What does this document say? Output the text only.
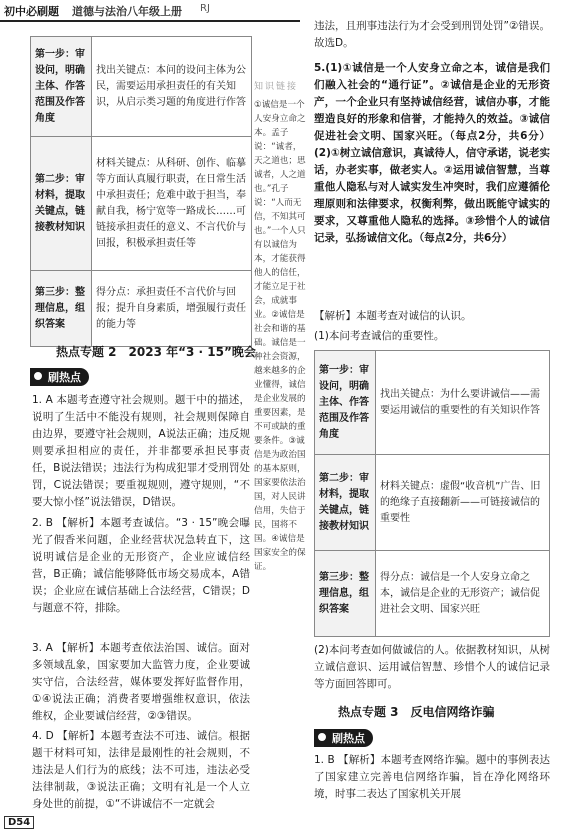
初中必刷题 道德与法治八年级上册 RJ
第一步：审设问，明确主体、作答范围及作答角度	找出关键点：本问的设问主体为公民，需要运用承担责任的有关知识，从启示类习题的角度进行作答
第二步：审材料，提取关键点，链接教材知识	材料关键点：从科研、创作、临摹等方面认真履行职责，在日常生活中承担责任；危难中敢于担当，奉献自我，杨宁宽等一路成长……可链接承担责任的意义、不言代价与回报，积极承担责任等
第三步：整理信息，组织答案	得分点：承担责任不言代价与回报；提升自身素质，增强履行责任的能力等
知识链接
①诚信是一个人安身立命之本。孟子说：“诚者，天之道也；思诚者，人之道也。”孔子说：“人而无信，不知其可也。”一个人只有以诚信为本，才能获得他人的信任，才能立足于社会，成就事业。②诚信是社会和谐的基础。诚信是一种社会资源，越来越多的企业懂得，诚信是企业发展的重要因素，是不可或缺的重要条件。③诚信是为政治国的基本原则，国家要依法治国，对人民讲信用，失信于民，国将不国。④诚信是国家安全的保证。
热点专题 2　2023 年“3 · 15”晚会
刷热点
1. A 本题考查遵守社会规则。题干中的描述，说明了生活中不能没有规则，社会规则保障自由边界，要遵守社会规则，A说法正确；违反规则要承担相应的责任，并非都要承担民事责任，B说法错误；违法行为构成犯罪才受刑罚处罚，C说法错误；要重视规则，遵守规则，“不要大惊小怪”说法错误，D错误。
2. B 【解析】本题考查诚信。“3 · 15”晚会曝光了假香米问题，企业经营状况急转直下，这说明诚信是企业的无形资产，企业应诚信经营，B正确；诚信能够降低市场交易成本，A错误；企业应在诚信基础上合法经营，C错误；D与题意不符，排除。
3. A 【解析】本题考查依法治国、诚信。面对多领域乱象，国家要加大监管力度，企业要诚实守信，合法经营，媒体要发挥好监督作用，①④说法正确；消费者要增强维权意识，依法维权，企业要诚信经营，②③错误。
4. D 【解析】本题考查法不可违、诚信。根据题干材料可知，法律是最刚性的社会规则，不违法是人们行为的底线；法不可违，违法必受法律制裁，③说法正确；文明有礼是一个人立身处世的前提，①“不讲诚信不一定就会
违法，且刑事违法行为才会受到刑罚处罚”②错误。故选D。
5.(1)①诚信是一个人安身立命之本，诚信是我们们融入社会的“通行证”。②诚信是企业的无形资产，一个企业只有坚持诚信经营，诚信办事，才能塑造良好的形象和信誉，才能持久的效益。③诚信促进社会文明、国家兴旺。（每点2分，共6分）(2)①树立诚信意识，真诚待人，信守承诺，说老实话，办老实事，做老实人。②运用诚信智慧，当尊重他人隐私与对人诚实发生冲突时，我们应遵循伦理原则和法律要求，权衡利弊，做出既能守诚实的要求，又尊重他人隐私的选择。③珍惜个人的诚信记录，弘扬诚信文化。（每点2分，共6分）
【解析】本题考查对诚信的认识。
(1)本问考查诚信的重要性。
第一步：审设问，明确主体、作答范围及作答角度	找出关键点：为什么要讲诚信——需要运用诚信的重要性的有关知识作答
第二步：审材料，提取关键点，链接教材知识	材料关键点：虚假“收音机”广告、旧的绝缘子直接翻新——可链接诚信的重要性
第三步：整理信息，组织答案	得分点：诚信是一个人安身立命之本，诚信是企业的无形资产；诚信促进社会文明、国家兴旺
(2)本问考查如何做诚信的人。依据教材知识，从树立诚信意识、运用诚信智慧、珍惜个人的诚信记录等方面回答即可。
热点专题 3　反电信网络诈骗
刷热点
1. B 【解析】本题考查网络诈骗。题中的事例表达了国家建立完善电信网络诈骗，旨在净化网络环境，时事二表达了国家机关开展
D54
